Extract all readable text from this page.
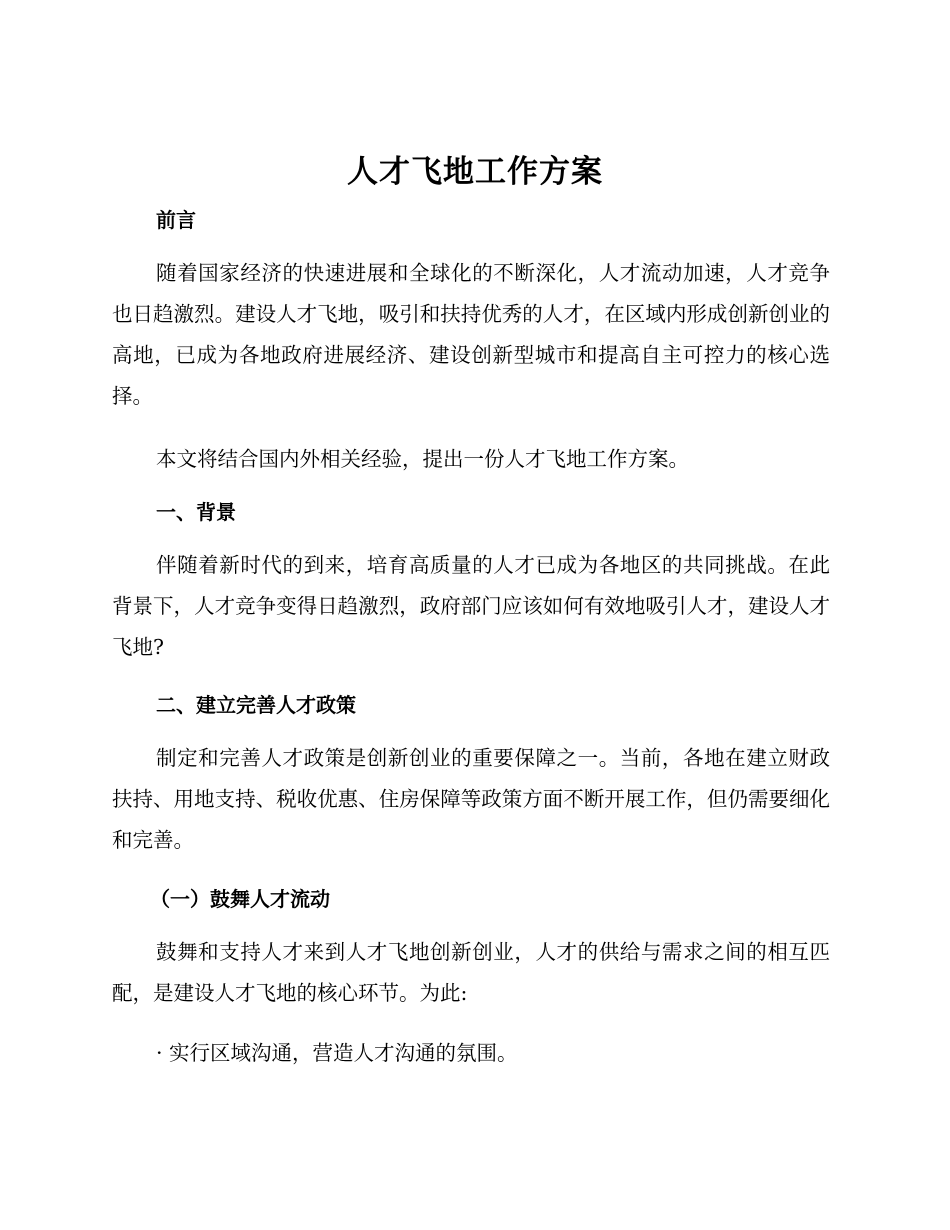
人才飞地工作方案
前言

随着国家经济的快速进展和全球化的不断深化，人才流动加速，人才竞争也日趋激烈。建设人才飞地，吸引和扶持优秀的人才，在区域内形成创新创业的高地，已成为各地政府进展经济、建设创新型城市和提高自主可控力的核心选择。

本文将结合国内外相关经验，提出一份人才飞地工作方案。

一、背景

伴随着新时代的到来，培育高质量的人才已成为各地区的共同挑战。在此背景下，人才竞争变得日趋激烈，政府部门应该如何有效地吸引人才，建设人才飞地?

二、建立完善人才政策

制定和完善人才政策是创新创业的重要保障之一。当前，各地在建立财政扶持、用地支持、税收优惠、住房保障等政策方面不断开展工作，但仍需要细化和完善。

（一）鼓舞人才流动

鼓舞和支持人才来到人才飞地创新创业，人才的供给与需求之间的相互匹配，是建设人才飞地的核心环节。为此:

· 实行区域沟通，营造人才沟通的氛围。
